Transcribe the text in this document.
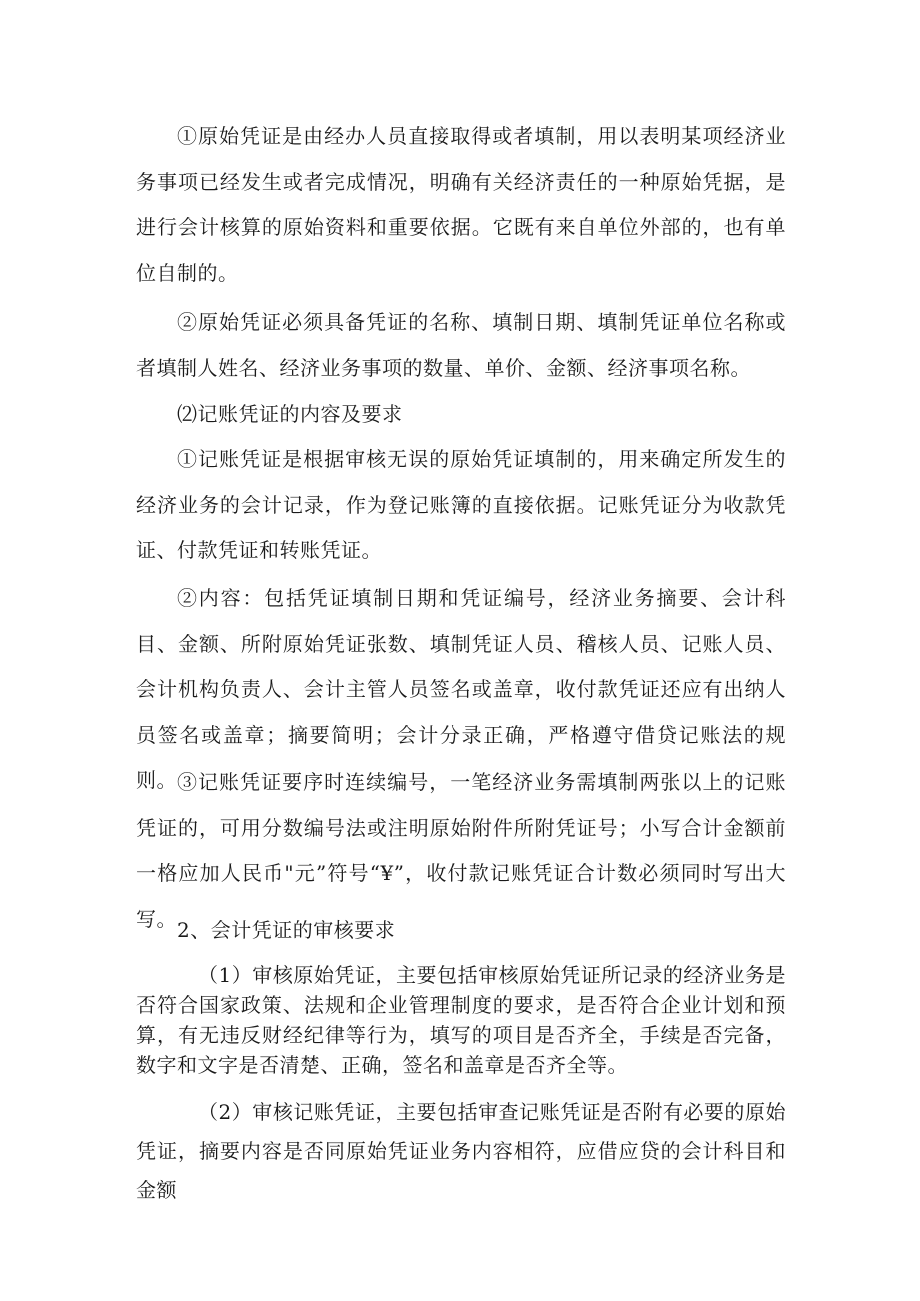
①原始凭证是由经办人员直接取得或者填制，用以表明某项经济业务事项已经发生或者完成情况，明确有关经济责任的一种原始凭据，是进行会计核算的原始资料和重要依据。它既有来自单位外部的，也有单位自制的。

②原始凭证必须具备凭证的名称、填制日期、填制凭证单位名称或者填制人姓名、经济业务事项的数量、单价、金额、经济事项名称。

⑵记账凭证的内容及要求

①记账凭证是根据审核无误的原始凭证填制的，用来确定所发生的经济业务的会计记录，作为登记账簿的直接依据。记账凭证分为收款凭证、付款凭证和转账凭证。

②内容：包括凭证填制日期和凭证编号，经济业务摘要、会计科目、金额、所附原始凭证张数、填制凭证人员、稽核人员、记账人员、会计机构负责人、会计主管人员签名或盖章，收付款凭证还应有出纳人员签名或盖章；摘要简明；会计分录正确，严格遵守借贷记账法的规则。 ③记账凭证要序时连续编号，一笔经济业务需填制两张以上的记账凭证的，可用分数编号法或注明原始附件所附凭证号；小写合计金额前一格应加人民币"元”符号“¥”，收付款记账凭证合计数必须同时写出大写。 2、会计凭证的审核要求

（1）审核原始凭证，主要包括审核原始凭证所记录的经济业务是否符合国家政策、法规和企业管理制度的要求，是否符合企业计划和预算，有无违反财经纪律等行为，填写的项目是否齐全，手续是否完备，数字和文字是否清楚、正确，签名和盖章是否齐全等。

（2）审核记账凭证，主要包括审查记账凭证是否附有必要的原始凭证，摘要内容是否同原始凭证业务内容相符，应借应贷的会计科目和金额
